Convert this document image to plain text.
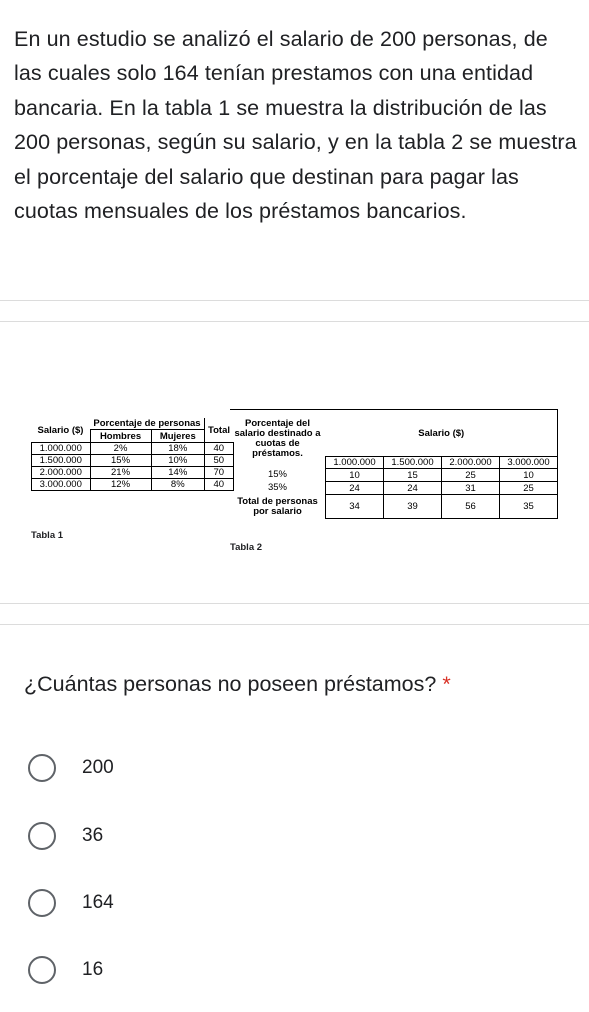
En un estudio se analizó el salario de 200 personas, de las cuales solo 164 tenían prestamos con una entidad bancaria. En la tabla 1 se muestra la distribución de las 200 personas, según su salario, y en la tabla 2 se muestra el porcentaje del salario que destinan para pagar las cuotas mensuales de los préstamos bancarios.

Salario ($)	Porcentaje de personas		Total
	Hombres	Mujeres	
1.000.000	2%	18%	40
1.500.000	15%	10%	50
2.000.000	21%	14%	70
3.000.000	12%	8%	40
Tabla 1
Porcentaje del salario destinado a cuotas de préstamos.	Salario ($)			
	1.000.000	1.500.000	2.000.000	3.000.000
15%	10	15	25	10
35%	24	24	31	25
Total de personas por salario	34	39	56	35
Tabla 2

¿Cuántas personas no poseen préstamos? *

200
36
164
16
